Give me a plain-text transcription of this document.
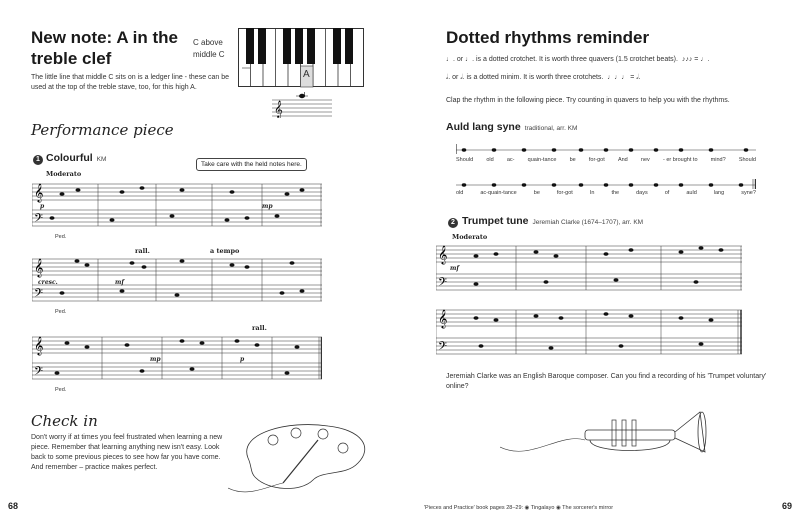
New note: A in the
treble clef
C above
middle C
A
𝄞
The little line that middle C sits on is a ledger line - these can be
used at the top of the treble stave, too, for this high A.
Performance piece
1 Colourful KM
Take care with the held notes here.
𝄞
𝄢
Moderato
p	mp
Ped.
𝄞
𝄢
rall.	a tempo
cresc.	mf
Ped.
𝄞
𝄢
rall.
mp	p
Ped.
Check in
Don't worry if at times you feel frustrated when learning a new
piece. Remember that learning anything new isn't easy. Look
back to some previous pieces to see how far you have come.
And remember – practice makes perfect.
68
Dotted rhythms reminder
♩. or ♩. is a dotted crotchet. It is worth three quavers (1.5 crotchet beats).  ♪♪♪ = ♩.
𝅗𝅥. or 𝅗𝅥. is a dotted minim. It is worth three crotchets.  ♩♩♩ = 𝅗𝅥.
Clap the rhythm in the following piece. Try counting in quavers to help you with the rhythms.
Auld lang syne traditional, arr. KM
Should old ac- quain-tance be for-got And nev - er brought to mind? Should
old	ac-quain-tance	be	for-got	In	the	days	of	auld	lang	syne?
2 Trumpet tune Jeremiah Clarke (1674–1707), arr. KM
𝄞
𝄢
Moderato
mf
𝄞
𝄢
Jeremiah Clarke was an English Baroque composer. Can you find a recording of his 'Trumpet voluntary'
online?
'Pieces and Practice' book pages 28–29: ◉ Tingalayo ◉ The sorcerer's mirror	69
